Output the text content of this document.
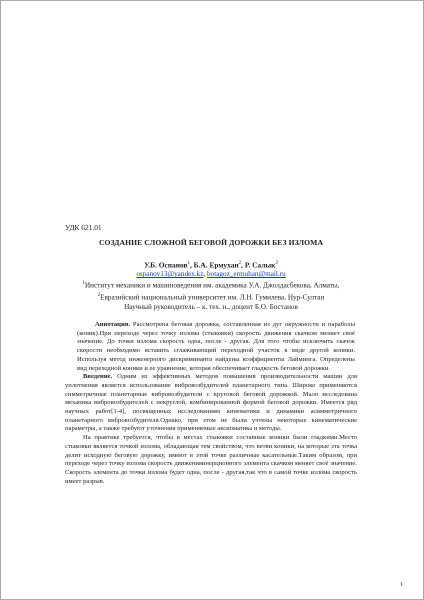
УДК 621.01
СОЗДАНИЕ СЛОЖНОЙ БЕГОВОЙ ДОРОЖКИ БЕЗ ИЗЛОМА
У.Б. Оспанов$^1$, Б.А. Ермухан$^2$, Р. Салык$^2$
ospanov13@yandex.kz, botagoz_ermuhan@mail.ru
$^1$Институт механики и машиноведения им. академика У.А. Джолдасбекова, Алматы,
$^2$Евразийский национальный университет им. Л.Н. Гумилева, Нур-Султан
Научный руководитель – к. тех. н., доцент Б.О. Бостанов

Аннотация. Рассмотрена беговая дорожка, составленная из дуг окружности и параболы (коник).При переходе через точку излома (стыковки) скорость движения скачком меняет своё значение. До точки излома скорость одна, после - другая. Для того чтобы исключить скачок скорости необходимо вставить сглаживающий переходной участок в виде другой коники. Используя метод инженерного дискриминанта найдены коэффициенты Лайминга. Определены вид переходной коники и ее уравнение, которая обеспечивает гладкость беговой дорожки.

Введение. Одним из эффективных методов повышения производительности машин для уплотнения является использование вибровозбудителей планетарного типа. Широко применяются симметричные планетарные вибровозбудители с круговой беговой дорожкой. Мало исследована механика вибровозбудителей с некруглой, комбинированной формой беговой дорожки. Имеется ряд научных работ[1-4], посвященных исследованиям кинематики и динамики асимметричного планетарного вибровозбудителя.Однако, при этом не были учтены некоторые кинематические параметры, а также требуют уточнения применяемые аксиоматика и методы.

На практике требуется, чтобы в местах стыковки составные коники были гладкими.Место стыковки является точкой излома, обладающая тем свойством, что ветви коники, на которые эта точка делит исходную беговую дорожку, имеют в этой точке различные касательные.Таким образом, при переходе через точку излома скорость движенияинерционного элемента скачком меняет своё значение. Скорость элемента до точки излома будет одна, после - другая,так что в самой точке излома скорость имеет разрыв.

1
